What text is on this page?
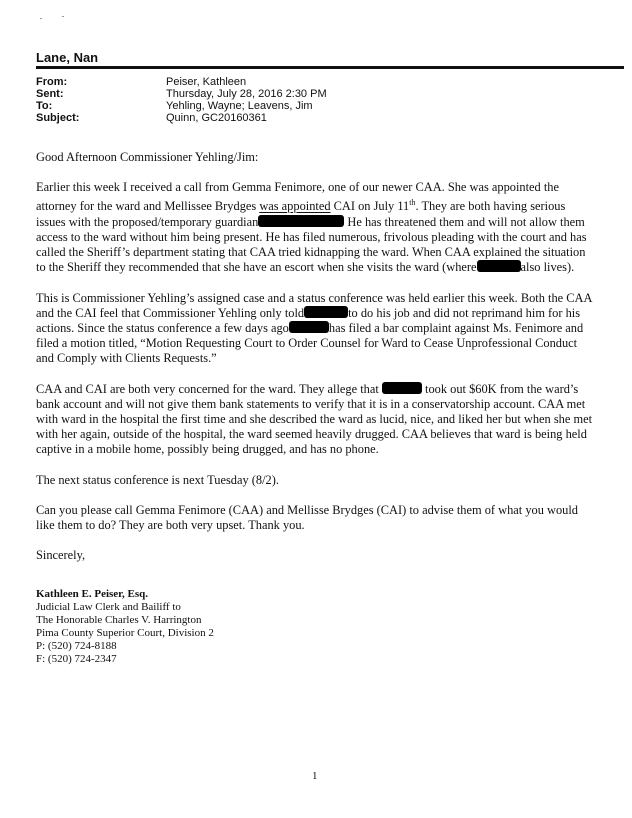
Lane, Nan
From:	Peiser, Kathleen
Sent:	Thursday, July 28, 2016 2:30 PM
To:	Yehling, Wayne; Leavens, Jim
Subject:	Quinn, GC20160361

Good Afternoon Commissioner Yehling/Jim:

Earlier this week I received a call from Gemma Fenimore, one of our newer CAA. She was appointed the attorney for the ward and Mellissee Brydges was appointed CAI on July 11th. They are both having serious issues with the proposed/temporary guardian	He has threatened them and will not allow them access to the ward without him being present. He has filed numerous, frivolous pleading with the court and has called the Sheriff’s department stating that CAA tried kidnapping the ward. When CAA explained the situation to the Sheriff they recommended that she have an escort when she visits the ward (where	also lives).

This is Commissioner Yehling’s assigned case and a status conference was held earlier this week. Both the CAA and the CAI feel that Commissioner Yehling only told	to do his job and did not reprimand him for his actions. Since the status conference a few days ago	has filed a bar complaint against Ms. Fenimore and filed a motion titled, “Motion Requesting Court to Order Counsel for Ward to Cease Unprofessional Conduct and Comply with Clients Requests.”

CAA and CAI are both very concerned for the ward. They allege that	took out $60K from the ward’s bank account and will not give them bank statements to verify that it is in a conservatorship account. CAA met with ward in the hospital the first time and she described the ward as lucid, nice, and liked her but when she met with her again, outside of the hospital, the ward seemed heavily drugged. CAA believes that ward is being held captive in a mobile home, possibly being drugged, and has no phone.

The next status conference is next Tuesday (8/2).

Can you please call Gemma Fenimore (CAA) and Mellisse Brydges (CAI) to advise them of what you would like them to do? They are both very upset. Thank you.

Sincerely,

Kathleen E. Peiser, Esq.
Judicial Law Clerk and Bailiff to
The Honorable Charles V. Harrington
Pima County Superior Court, Division 2
P: (520) 724-8188
F: (520) 724-2347
1
